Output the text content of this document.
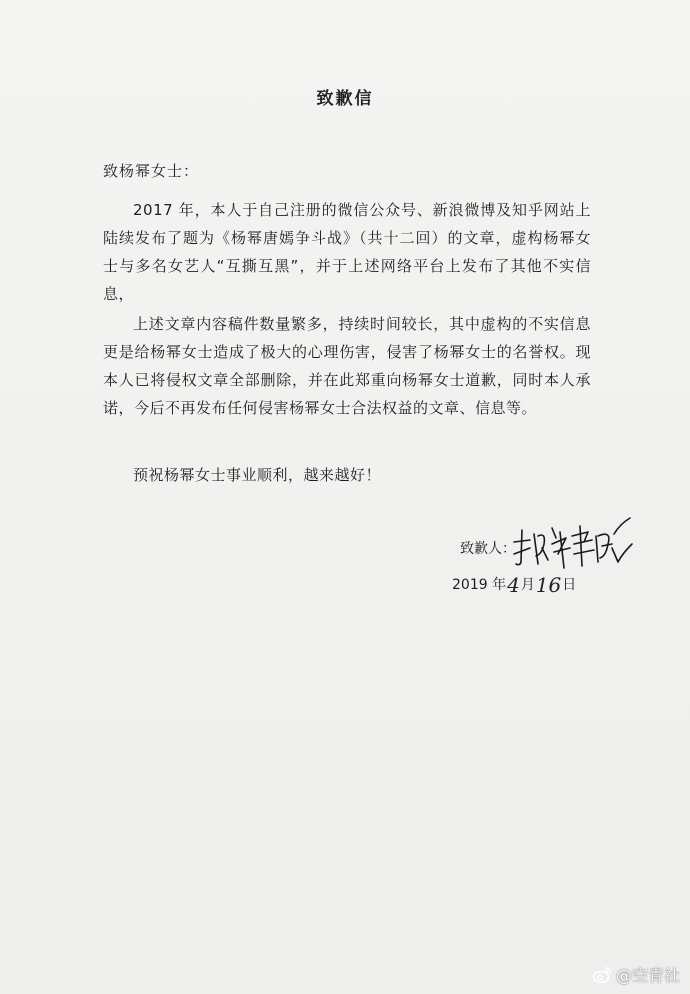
致歉信
致杨幂女士：
2017 年，本人于自己注册的微信公众号、新浪微博及知乎网站上陆续发布了题为《杨幂唐嫣争斗战》（共十二回）的文章，虚构杨幂女士与多名女艺人“互撕互黑”，并于上述网络平台上发布了其他不实信息，
上述文章内容稿件数量繁多，持续时间较长，其中虚构的不实信息更是给杨幂女士造成了极大的心理伤害，侵害了杨幂女士的名誉权。现本人已将侵权文章全部删除，并在此郑重向杨幂女士道歉，同时本人承诺，今后不再发布任何侵害杨幂女士合法权益的文章、信息等。
预祝杨幂女士事业顺利，越来越好！
致歉人：
2019 年 4 月 16 日
@空青社
